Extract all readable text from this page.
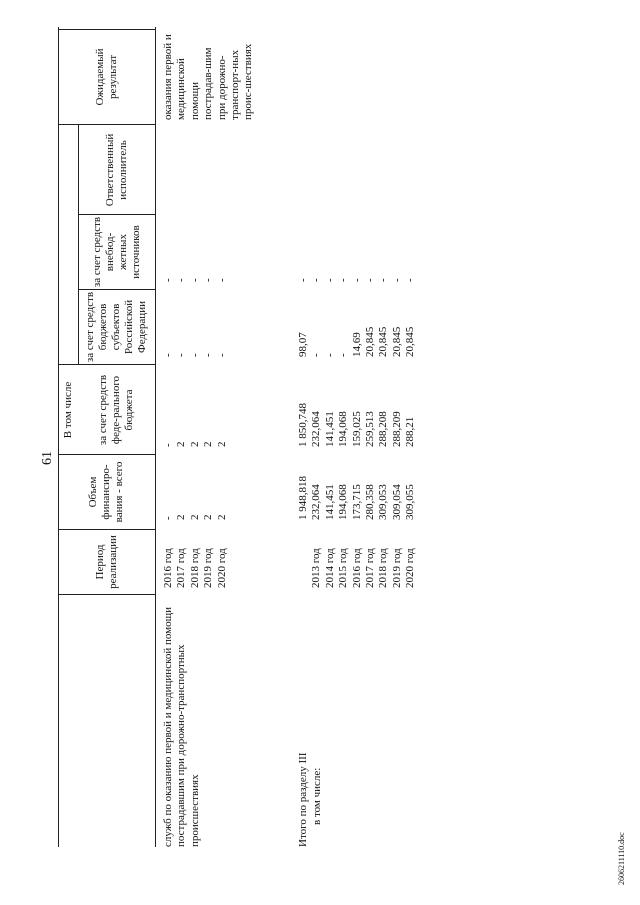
61
Период реализации
Объем финансиро-вания - всего
В том числе	за счет средств феде-рального бюджета
за счет средств бюджетов субъектов Российской Федерации
за счет средств внебюд-жетных источников
Ответственный исполнитель
Ожидаемый результат
служб по оказанию первой и медицинской помощи пострадавшим при дорожно-транспортных происшествиях
2016 год 2017 год 2018 год 2019 год 2020 год
- 2 2 2 2
- 2 2 2 2
- - - - -
- - - - -
оказания первой и медицинской помощи пострадав-шим при дорожно-транспорт-ных проис-шествиях
Итого по разделу III в том числе:
2013 год 2014 год 2015 год 2016 год 2017 год 2018 год 2019 год 2020 год
1 948,818 232,064 141,451 194,068 173,715 280,358 309,053 309,054 309,055
1 850,748 232,064 141,451 194,068 159,025 259,513 288,208 288,209 288,21
98,07 - - - 14,69 20,845 20,845 20,845 20,845
- - - - - - - - -
2606211110.doc
